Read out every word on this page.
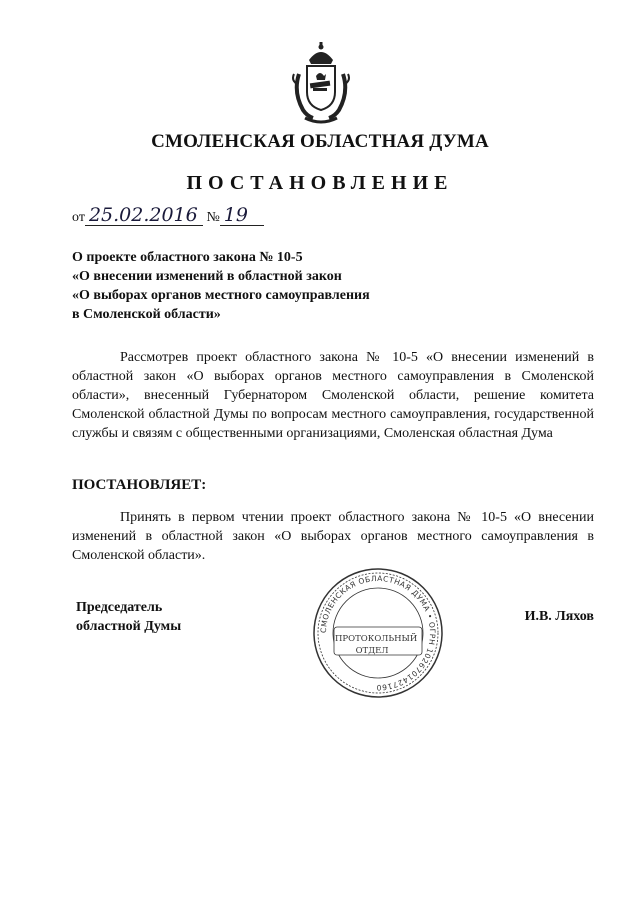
СМОЛЕНСКАЯ ОБЛАСТНАЯ ДУМА
ПОСТАНОВЛЕНИЕ
от 25.02.2016 № 19
О проекте областного закона № 10-5
«О внесении изменений в областной закон
«О выборах органов местного самоуправления
в Смоленской области»
Рассмотрев проект областного закона № 10-5 «О внесении изменений в областной закон «О выборах органов местного самоуправления в Смоленской области», внесенный Губернатором Смоленской области, решение комитета Смоленской областной Думы по вопросам местного самоуправления, государственной службы и связям с общественными организациями, Смоленская областная Дума
ПОСТАНОВЛЯЕТ:
Принять в первом чтении проект областного закона № 10-5 «О внесении изменений в областной закон «О выборах органов местного самоуправления в Смоленской области».
Председатель
областной Думы	СМОЛЕНСКАЯ ОБЛАСТНАЯ ДУМА • ОГРН 1026701427160
ПРОТОКОЛЬНЫЙ
ОТДЕЛ
И.В. Ляхов
